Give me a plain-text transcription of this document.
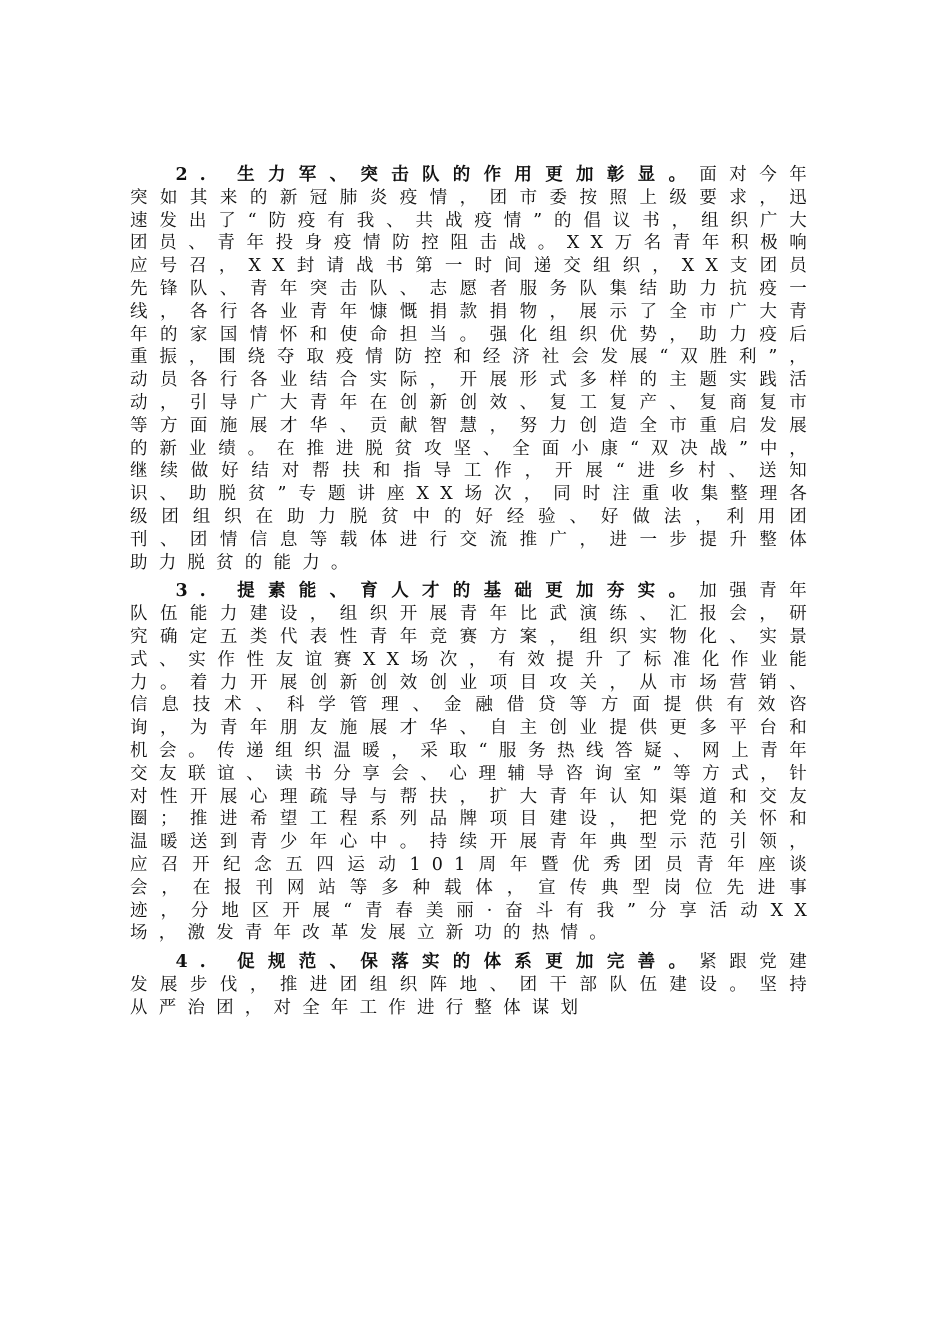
2. 生力军、突击队的作用更加彰显。面对今年突如其来的新冠肺炎疫情，团市委按照上级要求，迅速发出了“防疫有我、共战疫情”的倡议书，组织广大团员、青年投身疫情防控阻击战。XX万名青年积极响应号召，XX封请战书第一时间递交组织，XX支团员先锋队、青年突击队、志愿者服务队集结助力抗疫一线，各行各业青年慷慨捐款捐物，展示了全市广大青年的家国情怀和使命担当。强化组织优势，助力疫后重振，围绕夺取疫情防控和经济社会发展“双胜利”，动员各行各业结合实际，开展形式多样的主题实践活动，引导广大青年在创新创效、复工复产、复商复市等方面施展才华、贡献智慧，努力创造全市重启发展的新业绩。在推进脱贫攻坚、全面小康“双决战”中，继续做好结对帮扶和指导工作，开展“进乡村、送知识、助脱贫”专题讲座XX场次，同时注重收集整理各级团组织在助力脱贫中的好经验、好做法，利用团刊、团情信息等载体进行交流推广，进一步提升整体助力脱贫的能力。

3. 提素能、育人才的基础更加夯实。加强青年队伍能力建设，组织开展青年比武演练、汇报会，研究确定五类代表性青年竞赛方案，组织实物化、实景式、实作性友谊赛XX场次，有效提升了标准化作业能力。着力开展创新创效创业项目攻关，从市场营销、信息技术、科学管理、金融借贷等方面提供有效咨询，为青年朋友施展才华、自主创业提供更多平台和机会。传递组织温暖，采取“服务热线答疑、网上青年交友联谊、读书分享会、心理辅导咨询室”等方式，针对性开展心理疏导与帮扶，扩大青年认知渠道和交友圈；推进希望工程系列品牌项目建设，把党的关怀和温暖送到青少年心中。持续开展青年典型示范引领，应召开纪念五四运动101周年暨优秀团员青年座谈会，在报刊网站等多种载体，宣传典型岗位先进事迹，分地区开展“青春美丽·奋斗有我”分享活动XX场，激发青年改革发展立新功的热情。

4. 促规范、保落实的体系更加完善。紧跟党建发展步伐，推进团组织阵地、团干部队伍建设。坚持从严治团，对全年工作进行整体谋划
